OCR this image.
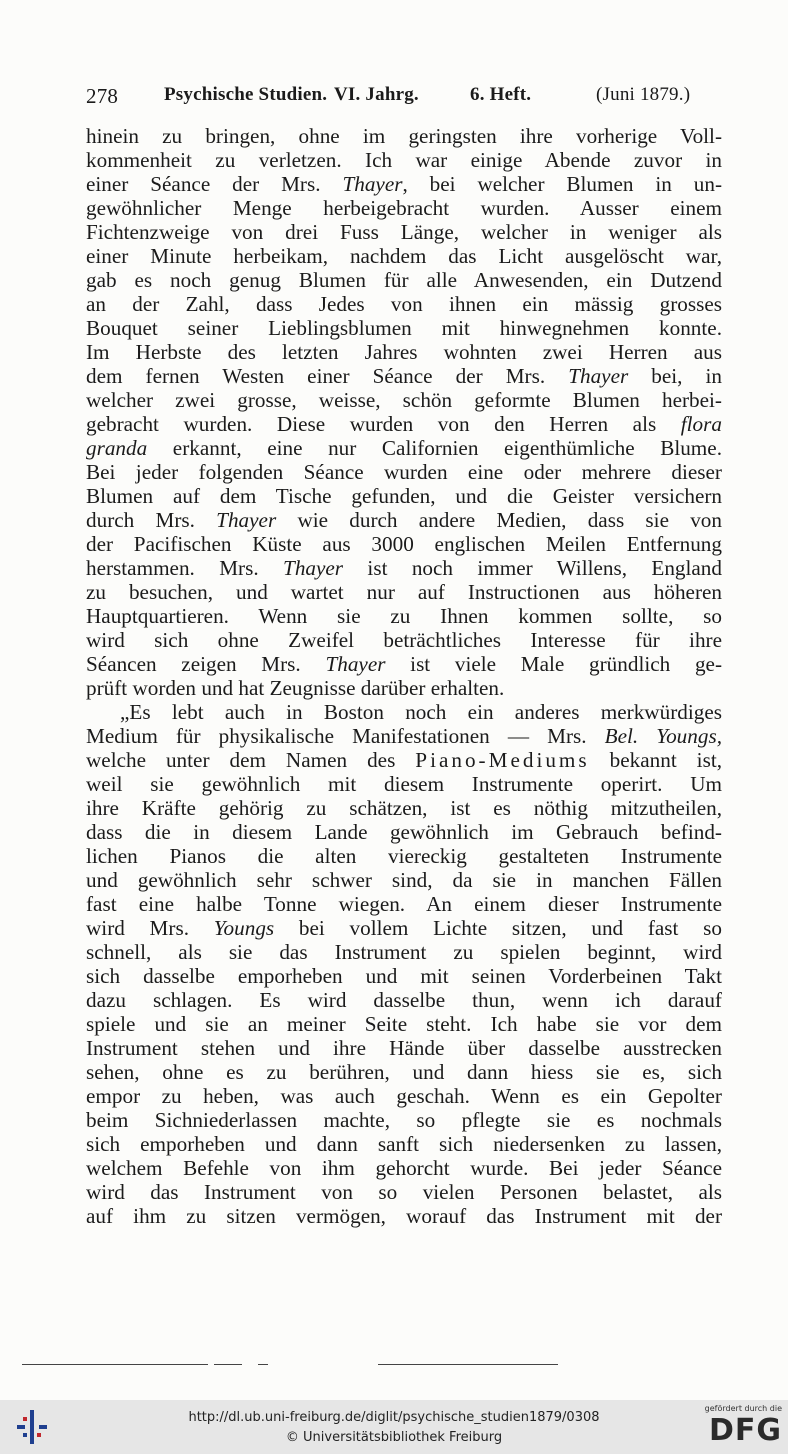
278 Psychische Studien. VI. Jahrg.	6. Heft.	(Juni 1879.)
hinein zu bringen, ohne im geringsten ihre vorherige Voll-
kommenheit zu verletzen. Ich war einige Abende zuvor in
einer Séance der Mrs. Thayer, bei welcher Blumen in un-
gewöhnlicher Menge herbeigebracht wurden. Ausser einem
Fichtenzweige von drei Fuss Länge, welcher in weniger als
einer Minute herbeikam, nachdem das Licht ausgelöscht war,
gab es noch genug Blumen für alle Anwesenden, ein Dutzend
an der Zahl, dass Jedes von ihnen ein mässig grosses
Bouquet seiner Lieblingsblumen mit hinwegnehmen konnte.
Im Herbste des letzten Jahres wohnten zwei Herren aus
dem fernen Westen einer Séance der Mrs. Thayer bei, in
welcher zwei grosse, weisse, schön geformte Blumen herbei-
gebracht wurden. Diese wurden von den Herren als flora
granda erkannt, eine nur Californien eigenthümliche Blume.
Bei jeder folgenden Séance wurden eine oder mehrere dieser
Blumen auf dem Tische gefunden, und die Geister versichern
durch Mrs. Thayer wie durch andere Medien, dass sie von
der Pacifischen Küste aus 3000 englischen Meilen Entfernung
herstammen. Mrs. Thayer ist noch immer Willens, England
zu besuchen, und wartet nur auf Instructionen aus höheren
Hauptquartieren. Wenn sie zu Ihnen kommen sollte, so
wird sich ohne Zweifel beträchtliches Interesse für ihre
Séancen zeigen Mrs. Thayer ist viele Male gründlich ge-
prüft worden und hat Zeugnisse darüber erhalten.
„Es lebt auch in Boston noch ein anderes merkwürdiges
Medium für physikalische Manifestationen — Mrs. Bel. Youngs,
welche unter dem Namen des Piano-Mediums bekannt ist,
weil sie gewöhnlich mit diesem Instrumente operirt. Um
ihre Kräfte gehörig zu schätzen, ist es nöthig mitzutheilen,
dass die in diesem Lande gewöhnlich im Gebrauch befind-
lichen Pianos die alten viereckig gestalteten Instrumente
und gewöhnlich sehr schwer sind, da sie in manchen Fällen
fast eine halbe Tonne wiegen. An einem dieser Instrumente
wird Mrs. Youngs bei vollem Lichte sitzen, und fast so
schnell, als sie das Instrument zu spielen beginnt, wird
sich dasselbe emporheben und mit seinen Vorderbeinen Takt
dazu schlagen. Es wird dasselbe thun, wenn ich darauf
spiele und sie an meiner Seite steht. Ich habe sie vor dem
Instrument stehen und ihre Hände über dasselbe ausstrecken
sehen, ohne es zu berühren, und dann hiess sie es, sich
empor zu heben, was auch geschah. Wenn es ein Gepolter
beim Sichniederlassen machte, so pflegte sie es nochmals
sich emporheben und dann sanft sich niedersenken zu lassen,
welchem Befehle von ihm gehorcht wurde. Bei jeder Séance
wird das Instrument von so vielen Personen belastet, als
auf ihm zu sitzen vermögen, worauf das Instrument mit der
http://dl.ub.uni-freiburg.de/diglit/psychische_studien1879/0308
© Universitätsbibliothek Freiburg
gefördert durch die
DFG
